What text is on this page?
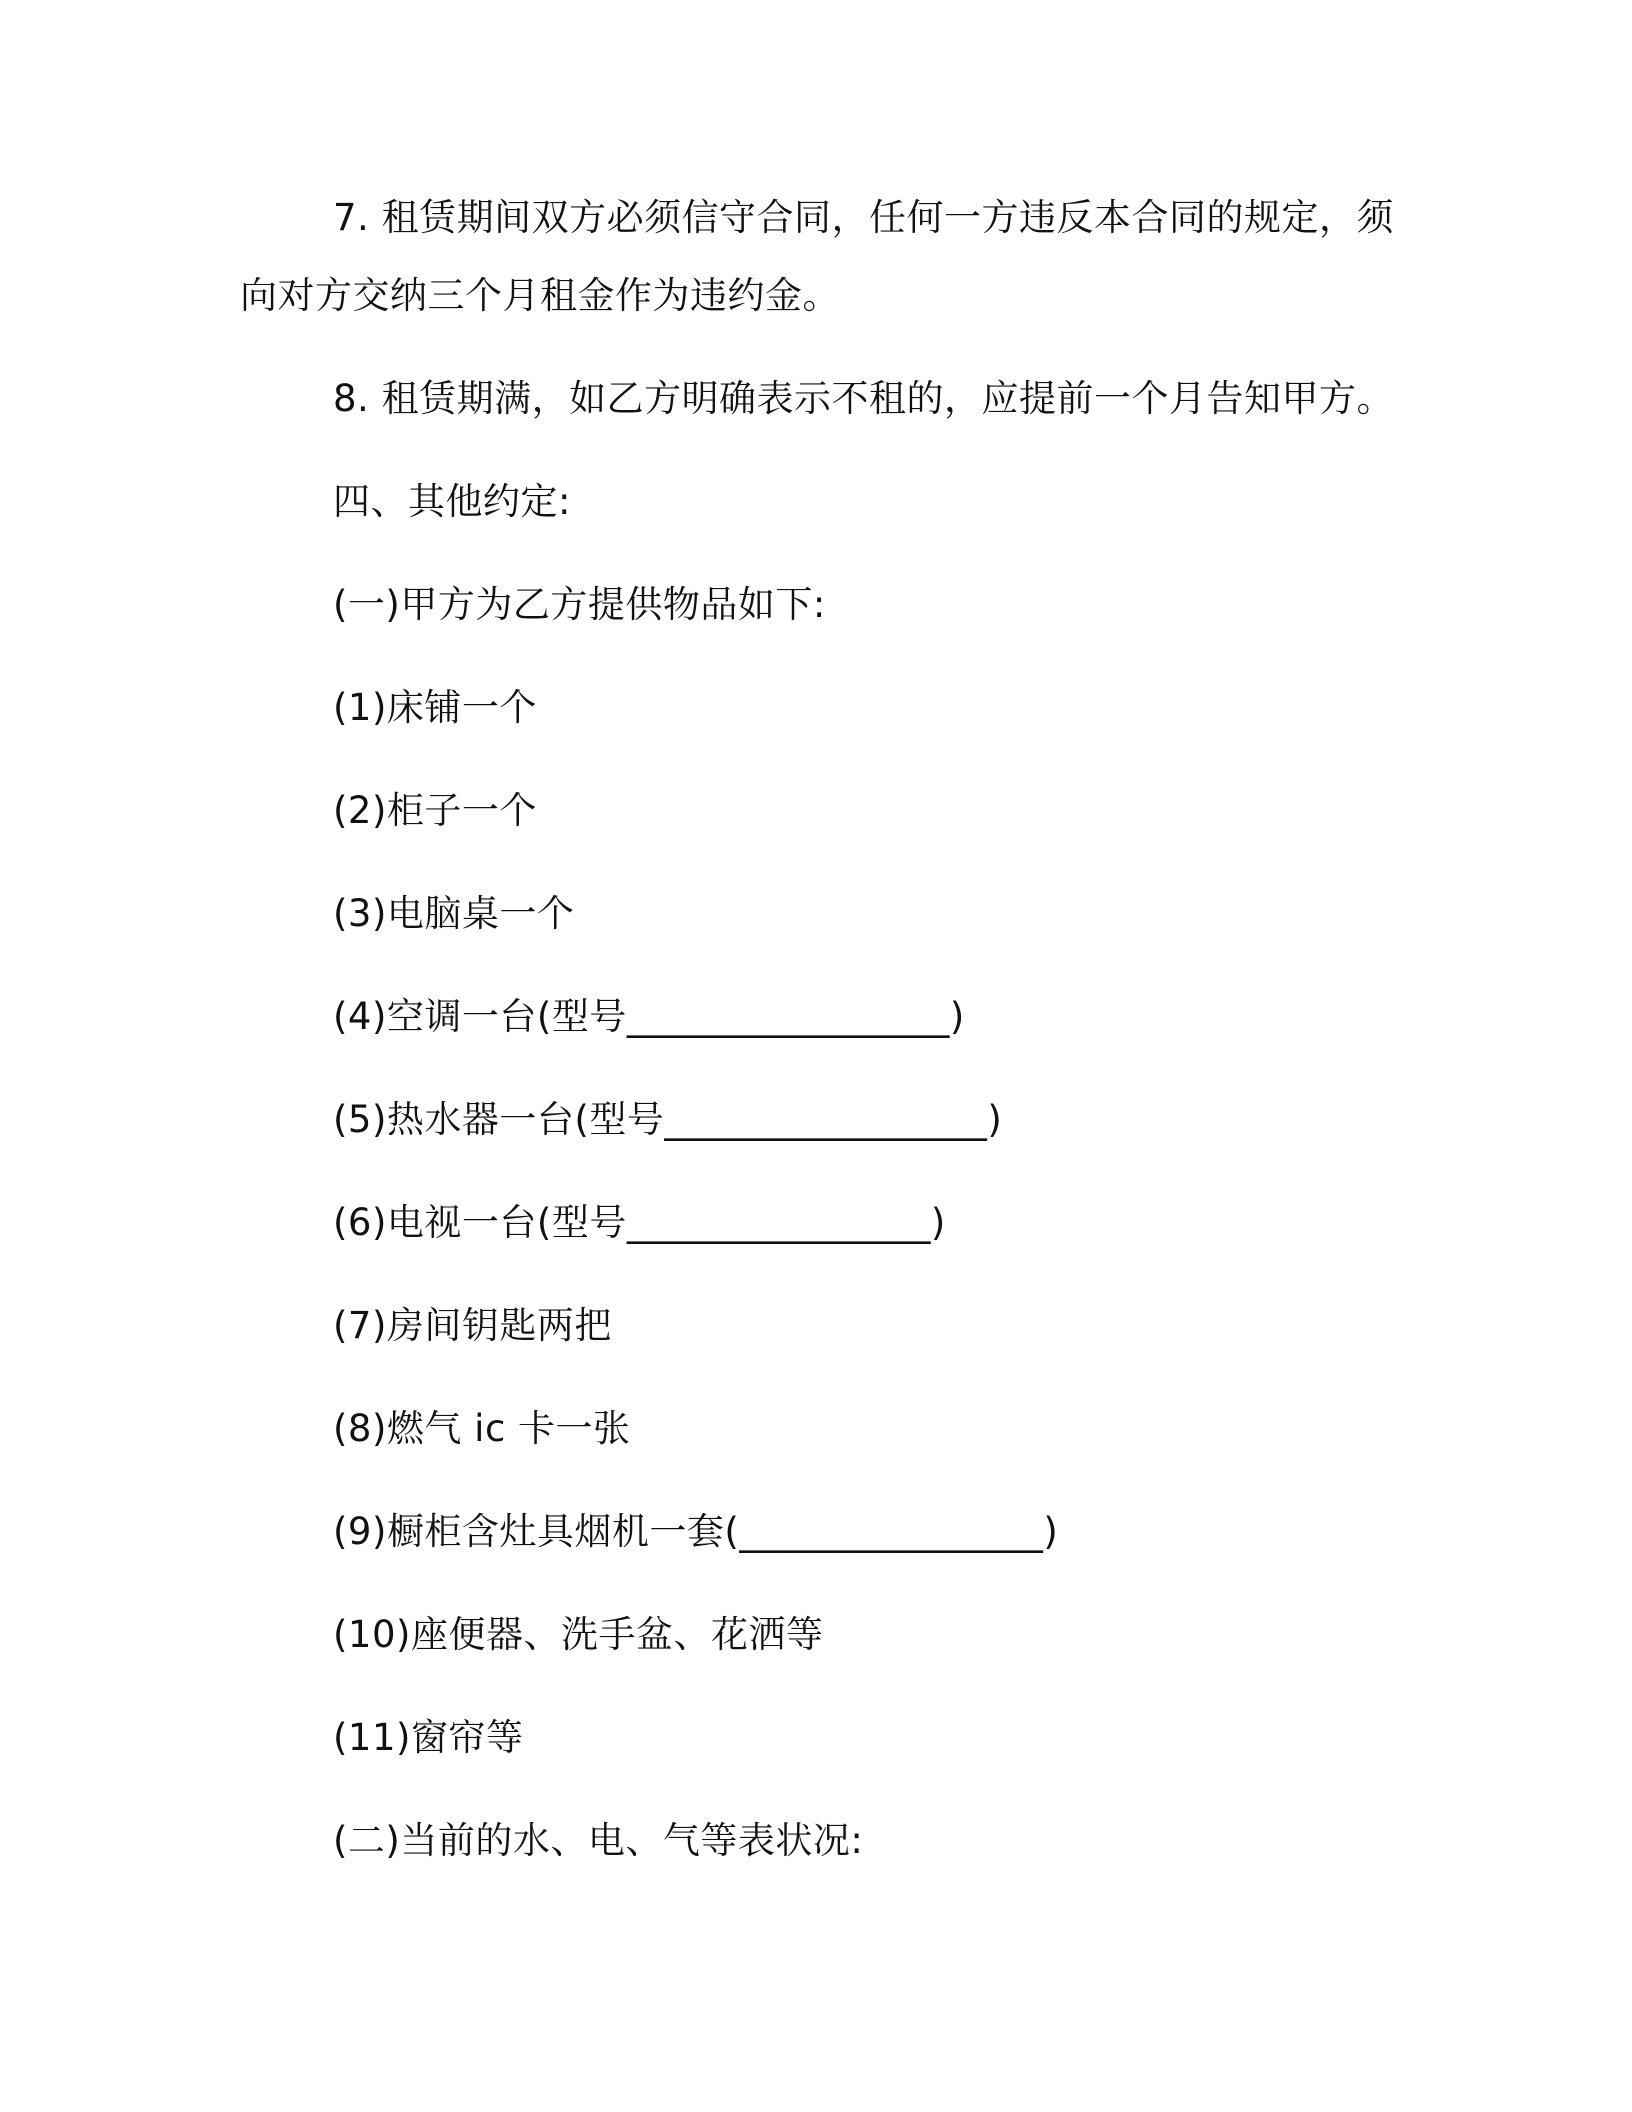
7. 租赁期间双方必须信守合同，任何一方违反本合同的规定，须
向对方交纳三个月租金作为违约金。
8. 租赁期满，如乙方明确表示不租的，应提前一个月告知甲方。
四、其他约定:
(一)甲方为乙方提供物品如下:
(1)床铺一个
(2)柜子一个
(3)电脑桌一个
(4)空调一台(型号_________________)
(5)热水器一台(型号_________________)
(6)电视一台(型号________________)
(7)房间钥匙两把
(8)燃气 ic 卡一张
(9)橱柜含灶具烟机一套(________________)
(10)座便器、洗手盆、花洒等
(11)窗帘等
(二)当前的水、电、气等表状况:
